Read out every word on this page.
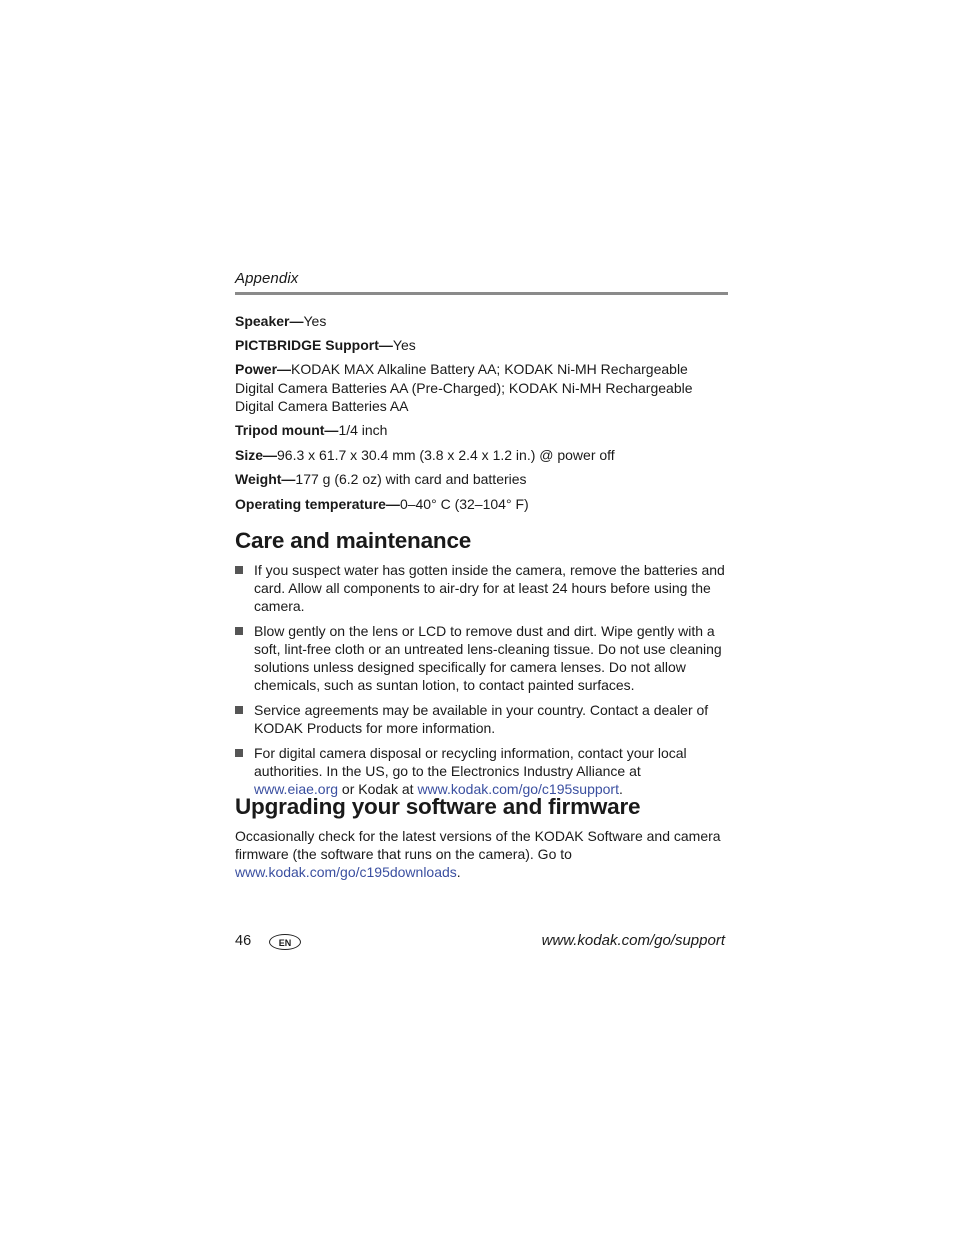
Appendix
Speaker—Yes
PICTBRIDGE Support—Yes
Power—KODAK MAX Alkaline Battery AA; KODAK Ni-MH Rechargeable Digital Camera Batteries AA (Pre-Charged); KODAK Ni-MH Rechargeable Digital Camera Batteries AA
Tripod mount—1/4 inch
Size—96.3 x 61.7 x 30.4 mm (3.8 x 2.4 x 1.2 in.) @ power off
Weight—177 g (6.2 oz) with card and batteries
Operating temperature—0–40° C (32–104° F)
Care and maintenance
If you suspect water has gotten inside the camera, remove the batteries and card. Allow all components to air-dry for at least 24 hours before using the camera.
Blow gently on the lens or LCD to remove dust and dirt. Wipe gently with a soft, lint-free cloth or an untreated lens-cleaning tissue. Do not use cleaning solutions unless designed specifically for camera lenses. Do not allow chemicals, such as suntan lotion, to contact painted surfaces.
Service agreements may be available in your country. Contact a dealer of KODAK Products for more information.
For digital camera disposal or recycling information, contact your local authorities. In the US, go to the Electronics Industry Alliance at www.eiae.org or Kodak at www.kodak.com/go/c195support.
Upgrading your software and firmware
Occasionally check for the latest versions of the KODAK Software and camera firmware (the software that runs on the camera). Go to www.kodak.com/go/c195downloads.
46	EN	www.kodak.com/go/support
